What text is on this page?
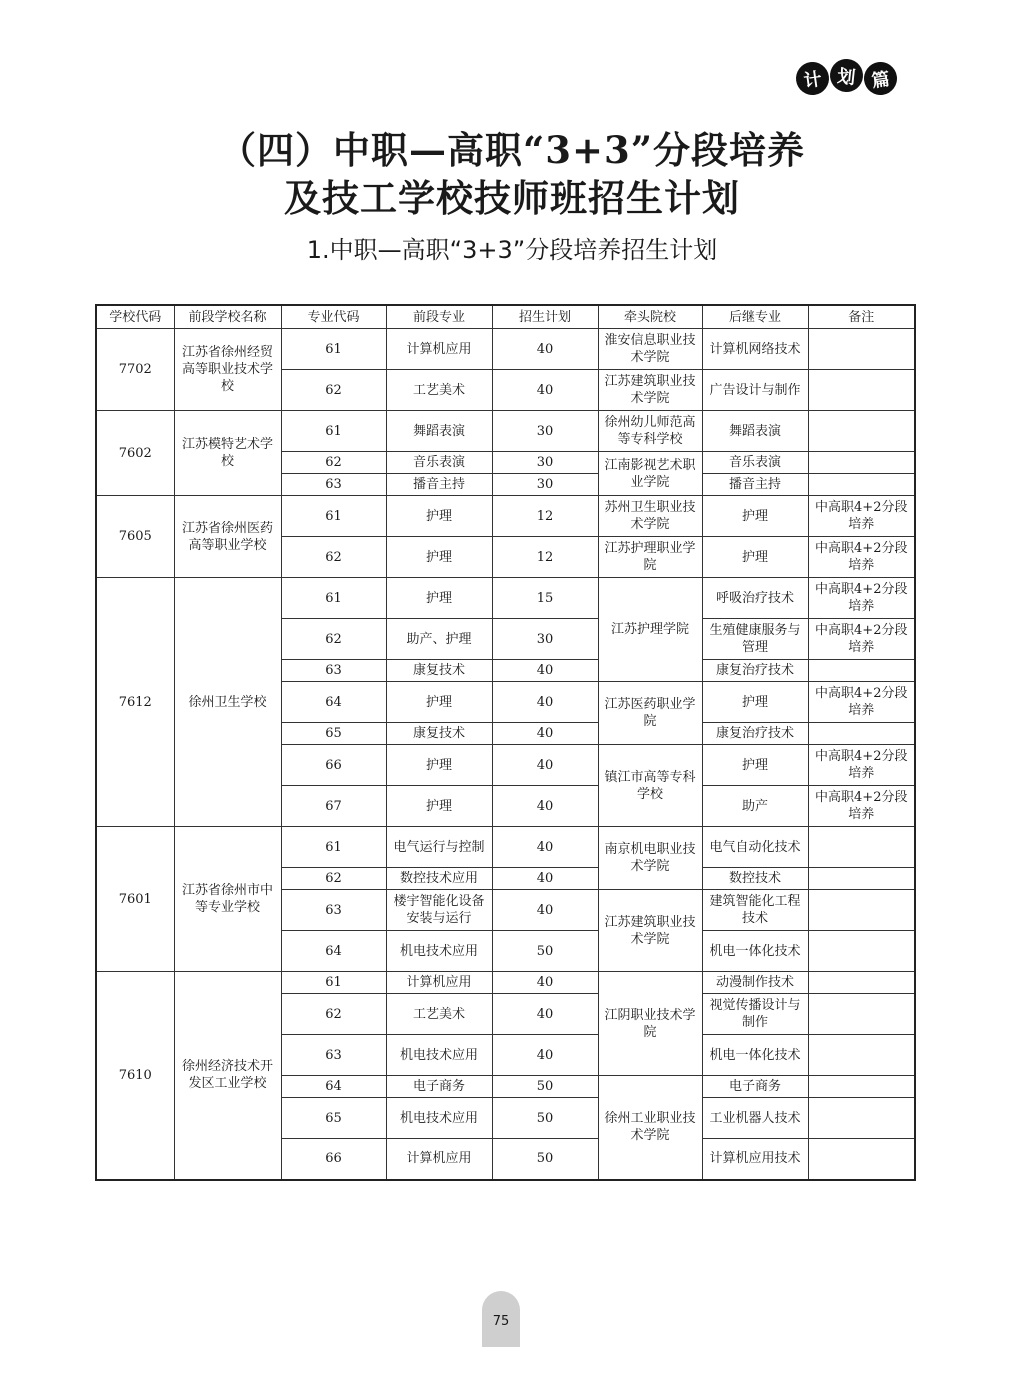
计 划 篇
（四）中职—高职“3+3”分段培养
及技工学校技师班招生计划
1.中职—高职“3+3”分段培养招生计划
学校代码	前段学校名称	专业代码	前段专业	招生计划	牵头院校	后继专业	备注
7702	江苏省徐州经贸高等职业技术学校	61	计算机应用	40	淮安信息职业技术学院	计算机网络技术	
		62	工艺美术	40	江苏建筑职业技术学院	广告设计与制作	
7602	江苏模特艺术学校	61	舞蹈表演	30	徐州幼儿师范高等专科学校	舞蹈表演	
		62	音乐表演	30	江南影视艺术职业学院	音乐表演	
		63	播音主持	30		播音主持	
7605	江苏省徐州医药高等职业学校	61	护理	12	苏州卫生职业技术学院	护理	中高职4+2分段培养
		62	护理	12	江苏护理职业学院	护理	中高职4+2分段培养
7612	徐州卫生学校	61	护理	15	江苏护理学院	呼吸治疗技术	中高职4+2分段培养
		62	助产、护理	30		生殖健康服务与管理	中高职4+2分段培养
		63	康复技术	40		康复治疗技术	
		64	护理	40	江苏医药职业学院	护理	中高职4+2分段培养
		65	康复技术	40		康复治疗技术	
		66	护理	40	镇江市高等专科学校	护理	中高职4+2分段培养
		67	护理	40		助产	中高职4+2分段培养
7601	江苏省徐州市中等专业学校	61	电气运行与控制	40	南京机电职业技术学院	电气自动化技术	
		62	数控技术应用	40		数控技术	
		63	楼宇智能化设备安装与运行	40	江苏建筑职业技术学院	建筑智能化工程技术	
		64	机电技术应用	50		机电一体化技术	
7610	徐州经济技术开发区工业学校	61	计算机应用	40	江阴职业技术学院	动漫制作技术	
		62	工艺美术	40		视觉传播设计与制作	
		63	机电技术应用	40		机电一体化技术	
		64	电子商务	50	徐州工业职业技术学院	电子商务	
		65	机电技术应用	50		工业机器人技术	
		66	计算机应用	50		计算机应用技术	
75
